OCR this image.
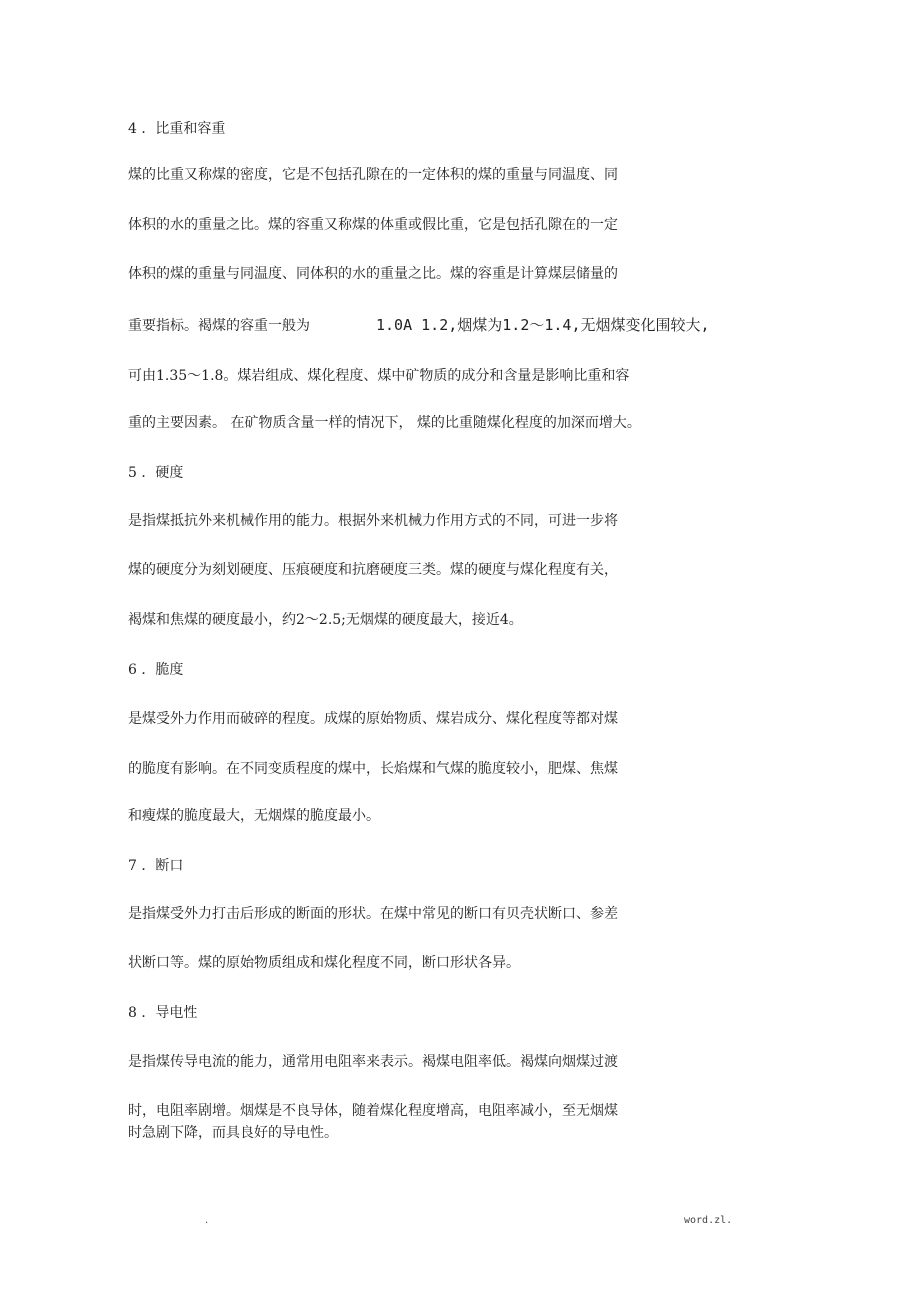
4 ．比重和容重
煤的比重又称煤的密度，它是不包括孔隙在的一定体积的煤的重量与同温度、同
体积的水的重量之比。煤的容重又称煤的体重或假比重，它是包括孔隙在的一定
体积的煤的重量与同温度、同体积的水的重量之比。煤的容重是计算煤层储量的
重要指标。褐煤的容重一般为	1.0A 1.2,烟煤为1.2〜1.4,无烟煤变化围较大,
可由1.35〜1.8。煤岩组成、煤化程度、煤中矿物质的成分和含量是影响比重和容
重的主要因素。 在矿物质含量一样的情况下， 煤的比重随煤化程度的加深而增大。
5 ．硬度
是指煤抵抗外来机械作用的能力。根据外来机械力作用方式的不同，可进一步将
煤的硬度分为刻划硬度、压痕硬度和抗磨硬度三类。煤的硬度与煤化程度有关，
褐煤和焦煤的硬度最小，约2〜2.5;无烟煤的硬度最大，接近4。
6 ．脆度
是煤受外力作用而破碎的程度。成煤的原始物质、煤岩成分、煤化程度等都对煤
的脆度有影响。在不同变质程度的煤中，长焰煤和气煤的脆度较小，肥煤、焦煤
和瘦煤的脆度最大，无烟煤的脆度最小。
7 ．断口
是指煤受外力打击后形成的断面的形状。在煤中常见的断口有贝壳状断口、参差
状断口等。煤的原始物质组成和煤化程度不同，断口形状各异。
8 ．导电性
是指煤传导电流的能力，通常用电阻率来表示。褐煤电阻率低。褐煤向烟煤过渡
时，电阻率剧增。烟煤是不良导体，随着煤化程度增高，电阻率减小，至无烟煤
时急剧下降，而具良好的导电性。
.	word.zl.
